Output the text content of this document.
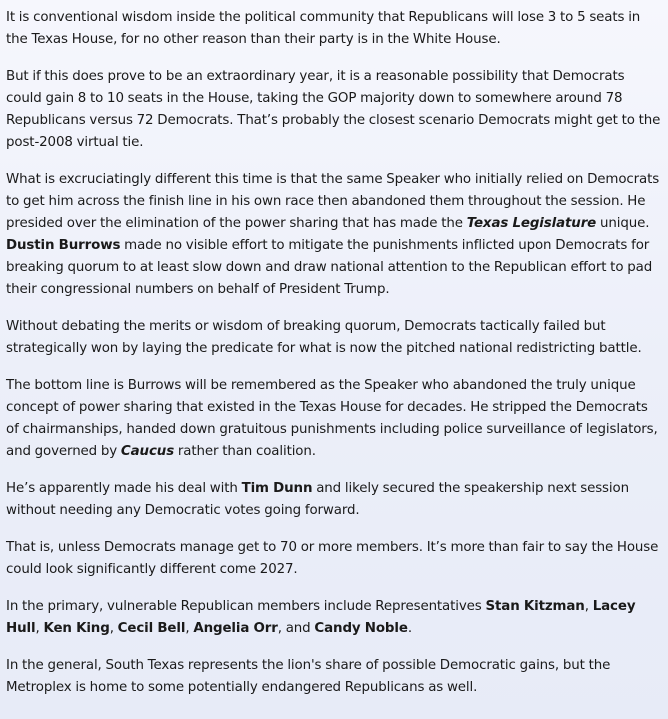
It is conventional wisdom inside the political community that Republicans will lose 3 to 5 seats in the Texas House, for no other reason than their party is in the White House.

But if this does prove to be an extraordinary year, it is a reasonable possibility that Democrats could gain 8 to 10 seats in the House, taking the GOP majority down to somewhere around 78 Republicans versus 72 Democrats. That’s probably the closest scenario Democrats might get to the post-2008 virtual tie.

What is excruciatingly different this time is that the same Speaker who initially relied on Democrats to get him across the finish line in his own race then abandoned them throughout the session. He presided over the elimination of the power sharing that has made the Texas Legislature unique. Dustin Burrows made no visible effort to mitigate the punishments inflicted upon Democrats for breaking quorum to at least slow down and draw national attention to the Republican effort to pad their congressional numbers on behalf of President Trump.

Without debating the merits or wisdom of breaking quorum, Democrats tactically failed but strategically won by laying the predicate for what is now the pitched national redistricting battle.

The bottom line is Burrows will be remembered as the Speaker who abandoned the truly unique concept of power sharing that existed in the Texas House for decades. He stripped the Democrats of chairmanships, handed down gratuitous punishments including police surveillance of legislators, and governed by Caucus rather than coalition.

He’s apparently made his deal with Tim Dunn and likely secured the speakership next session without needing any Democratic votes going forward.

That is, unless Democrats manage get to 70 or more members. It’s more than fair to say the House could look significantly different come 2027.

In the primary, vulnerable Republican members include Representatives Stan Kitzman, Lacey Hull, Ken King, Cecil Bell, Angelia Orr, and Candy Noble.

In the general, South Texas represents the lion's share of possible Democratic gains, but the Metroplex is home to some potentially endangered Republicans as well.
